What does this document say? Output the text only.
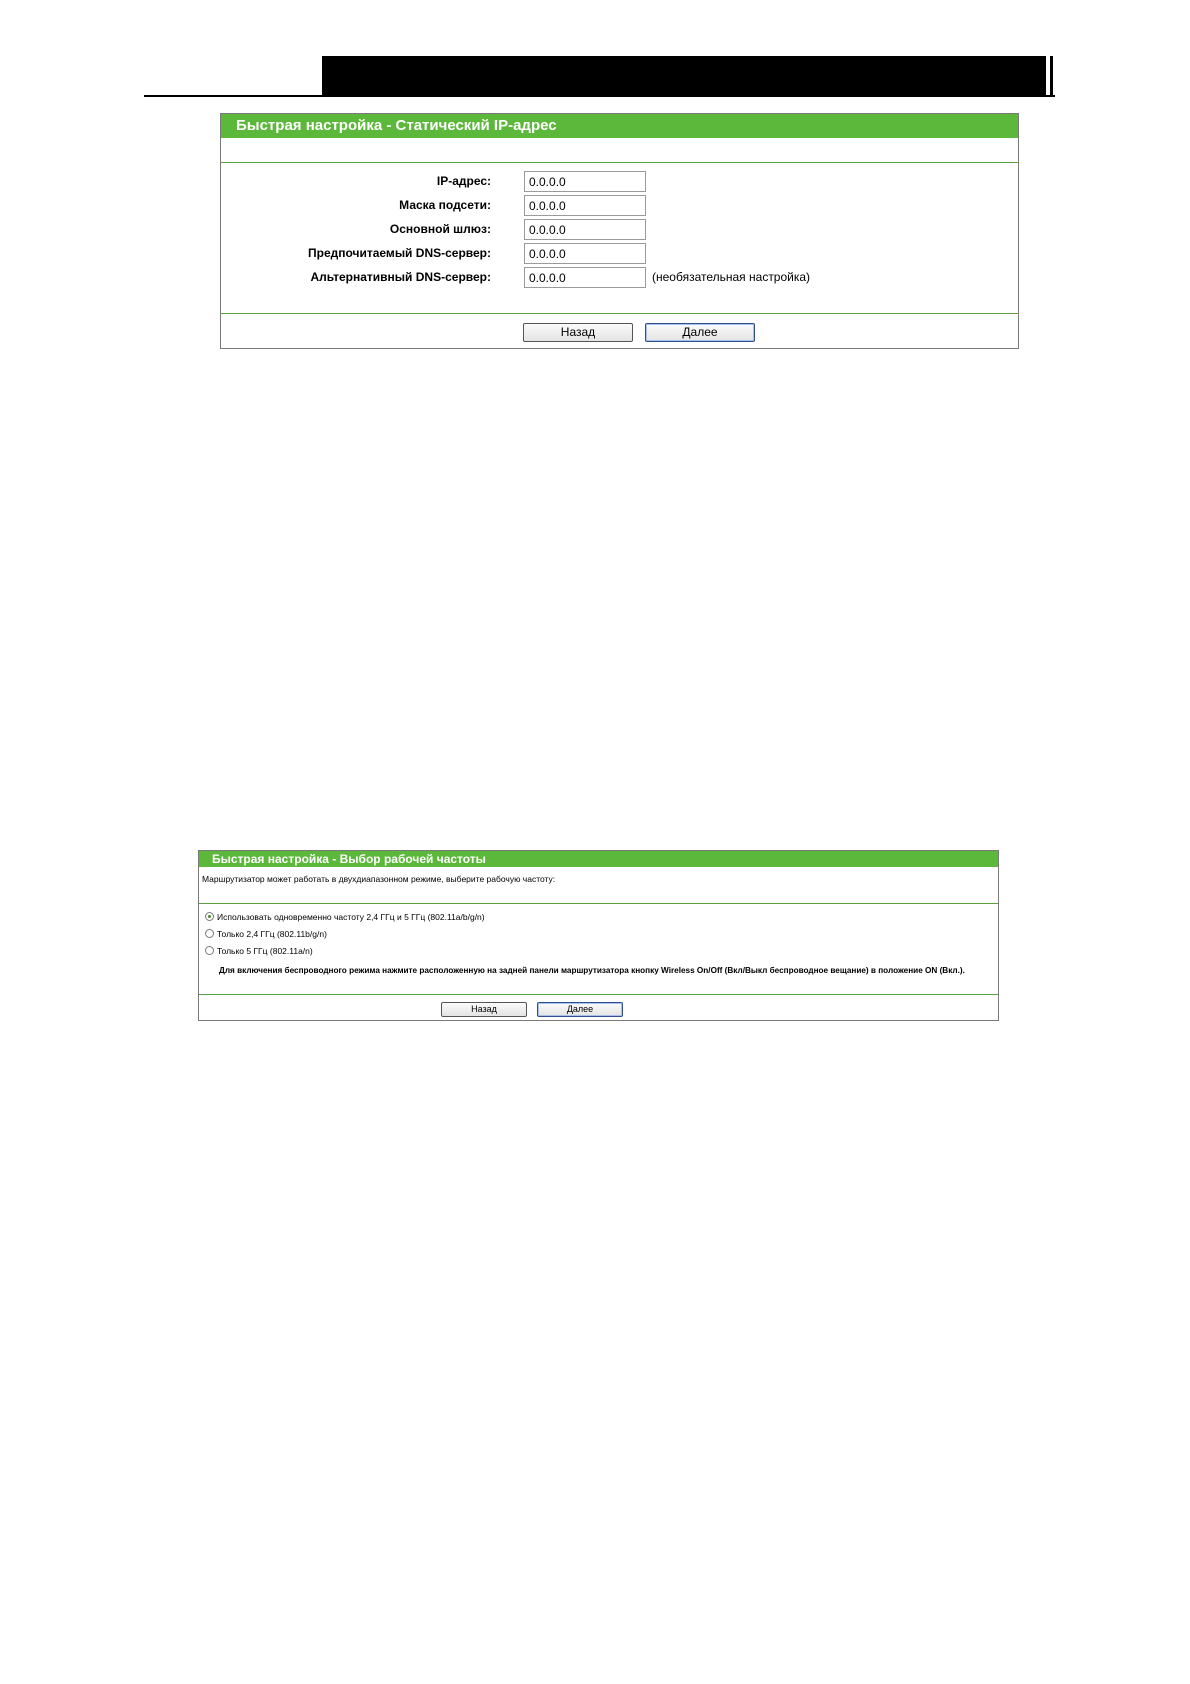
Быстрая настройка - Статический IP-адрес
IP-адрес:
0.0.0.0
Маска подсети:
0.0.0.0
Основной шлюз:
0.0.0.0
Предпочитаемый DNS-сервер:
0.0.0.0
Альтернативный DNS-сервер:
0.0.0.0	(необязательная настройка)
Назад	Далее
Быстрая настройка - Выбор рабочей частоты
Маршрутизатор может работать в двухдиапазонном режиме, выберите рабочую частоту:
Использовать одновременно частоту 2,4 ГГц и 5 ГГц (802.11a/b/g/n)
Только 2,4 ГГц (802.11b/g/n)
Только 5 ГГц (802.11a/n)
Для включения беспроводного режима нажмите расположенную на задней панели маршрутизатора кнопку Wireless On/Off (Вкл/Выкл беспроводное вещание) в положение ON (Вкл.).
Назад	Далее
